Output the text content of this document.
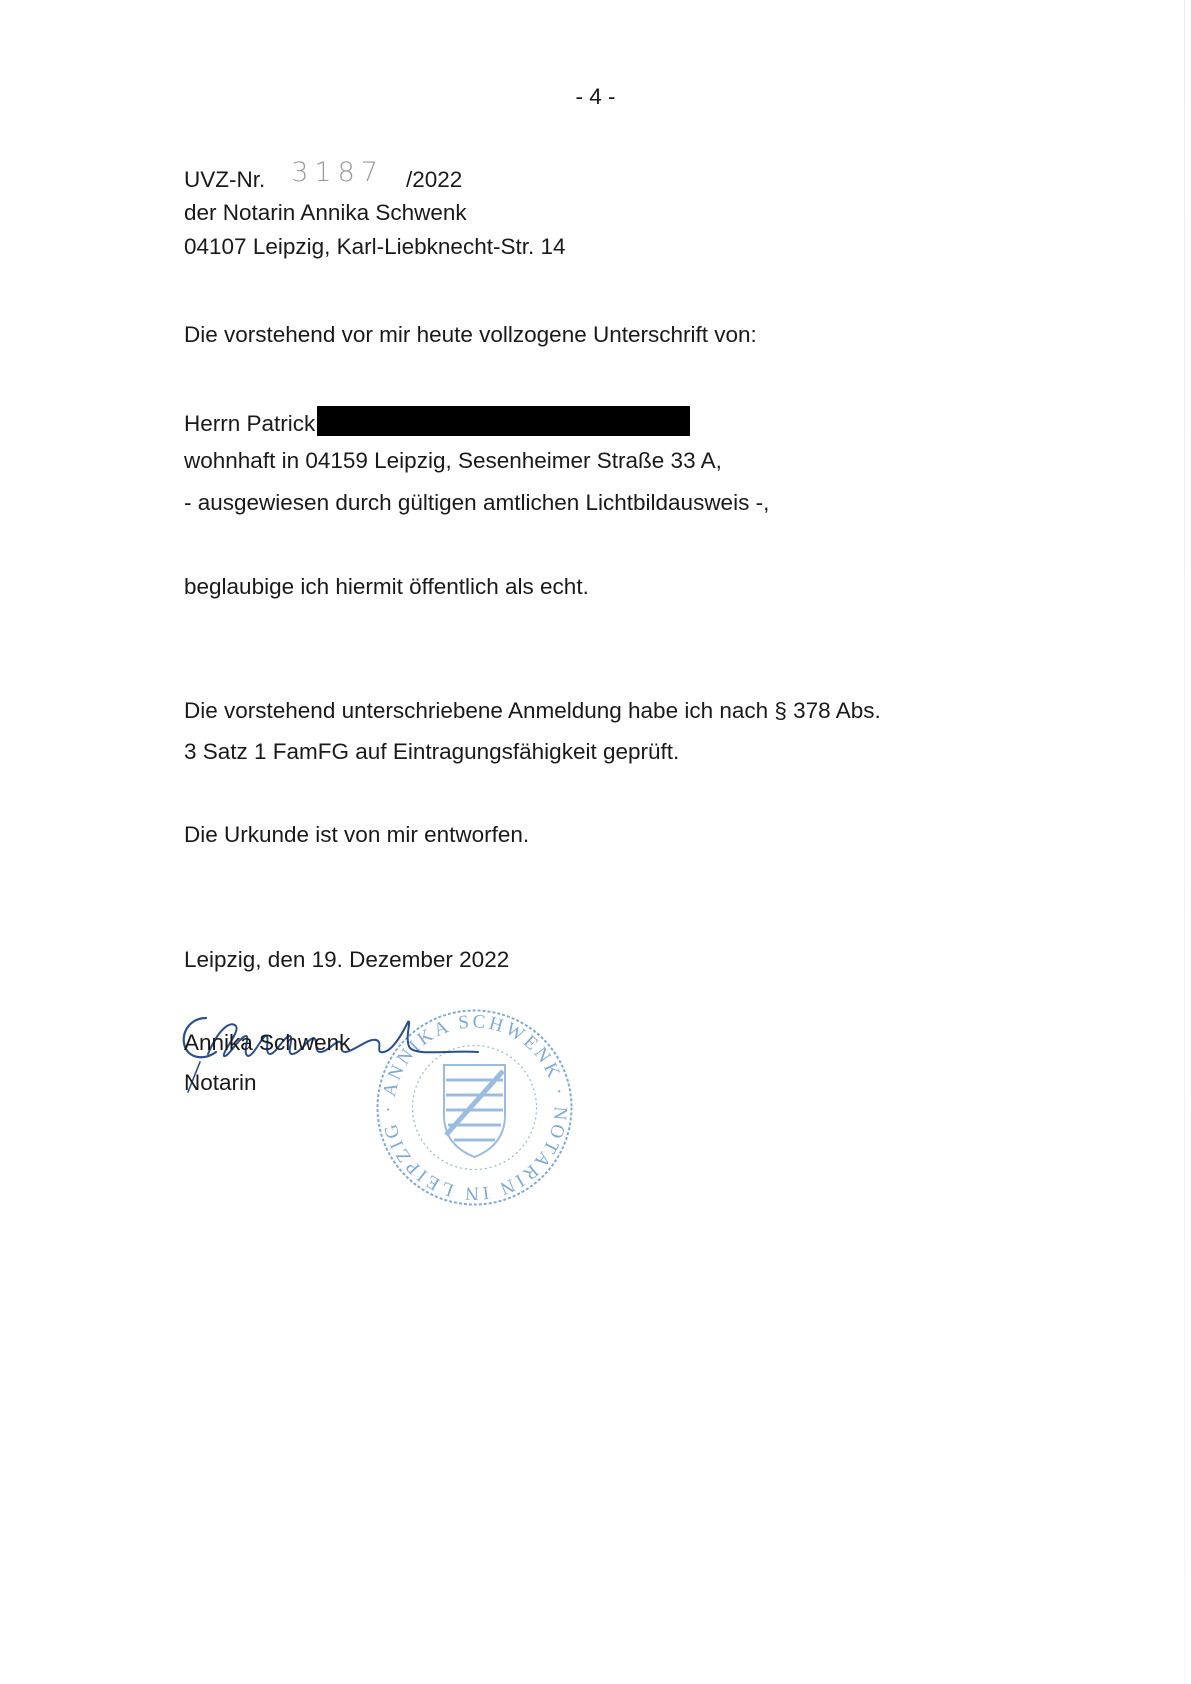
- 4 -
UVZ-Nr. 3187 /2022
der Notarin Annika Schwenk
04107 Leipzig, Karl-Liebknecht-Str. 14
Die vorstehend vor mir heute vollzogene Unterschrift von:
Herrn Patrick
wohnhaft in 04159 Leipzig, Sesenheimer Straße 33 A,
- ausgewiesen durch gültigen amtlichen Lichtbildausweis -,
beglaubige ich hiermit öffentlich als echt.
Die vorstehend unterschriebene Anmeldung habe ich nach § 378 Abs.
3 Satz 1 FamFG auf Eintragungsfähigkeit geprüft.
Die Urkunde ist von mir entworfen.
Leipzig, den 19. Dezember 2022
ANNIKA SCHWENK · NOTARIN IN LEIPZIG ·
Annika Schwenk
Notarin
